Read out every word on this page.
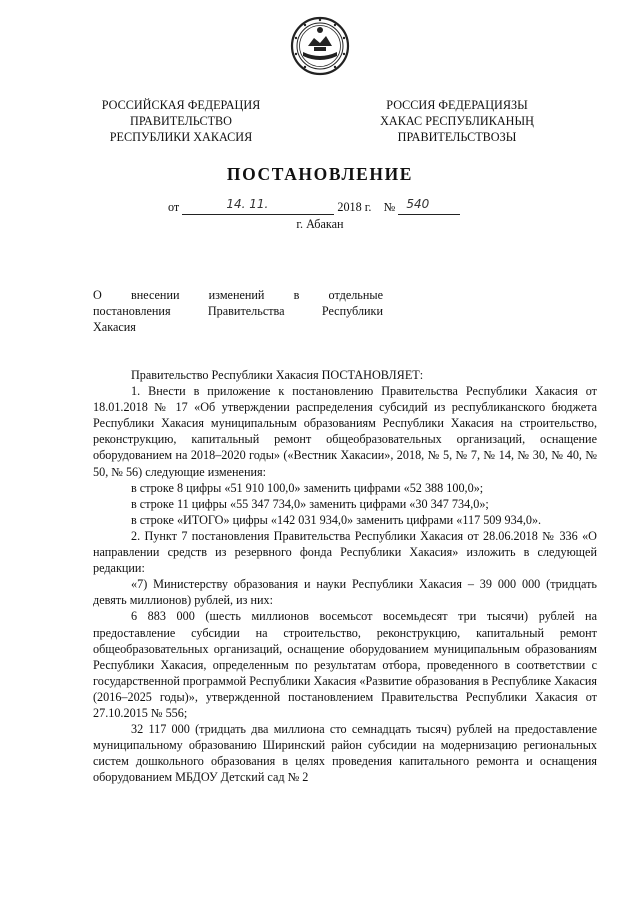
РОССИЙСКАЯ ФЕДЕРАЦИЯ
ПРАВИТЕЛЬСТВО
РЕСПУБЛИКИ ХАКАСИЯ
РОССИЯ ФЕДЕРАЦИЯЗЫ
ХАКАС РЕСПУБЛИКАНЫҢ
ПРАВИТЕЛЬСТВОЗЫ
ПОСТАНОВЛЕНИЕ
от	14. 11.	2018 г. № 540
г. Абакан
О внесении изменений в отдельные
постановления Правительства Республики
Хакасия

Правительство Республики Хакасия ПОСТАНОВЛЯЕТ:

1. Внести в приложение к постановлению Правительства Республики Хакасия от 18.01.2018 № 17 «Об утверждении распределения субсидий из республиканского бюджета Республики Хакасия муниципальным образованиям Республики Хакасия на строительство, реконструкцию, капитальный ремонт общеобразовательных организаций, оснащение оборудованием на 2018–2020 годы» («Вестник Хакасии», 2018, № 5, № 7, № 14, № 30, № 40, № 50, № 56) следующие изменения:

в строке 8 цифры «51 910 100,0» заменить цифрами «52 388 100,0»;

в строке 11 цифры «55 347 734,0» заменить цифрами «30 347 734,0»;

в строке «ИТОГО» цифры «142 031 934,0» заменить цифрами «117 509 934,0».

2. Пункт 7 постановления Правительства Республики Хакасия от 28.06.2018 № 336 «О направлении средств из резервного фонда Республики Хакасия» изложить в следующей редакции:

«7) Министерству образования и науки Республики Хакасия – 39 000 000 (тридцать девять миллионов) рублей, из них:

6 883 000 (шесть миллионов восемьсот восемьдесят три тысячи) рублей на предоставление субсидии на строительство, реконструкцию, капитальный ремонт общеобразовательных организаций, оснащение оборудованием муниципальным образованиям Республики Хакасия, определенным по результатам отбора, проведенного в соответствии с государственной программой Республики Хакасия «Развитие образования в Республике Хакасия (2016–2025 годы)», утвержденной постановлением Правительства Республики Хакасия от 27.10.2015 № 556;

32 117 000 (тридцать два миллиона сто семнадцать тысяч) рублей на предоставление муниципальному образованию Ширинский район субсидии на модернизацию региональных систем дошкольного образования в целях проведения капитального ремонта и оснащения оборудованием МБДОУ Детский сад № 2
